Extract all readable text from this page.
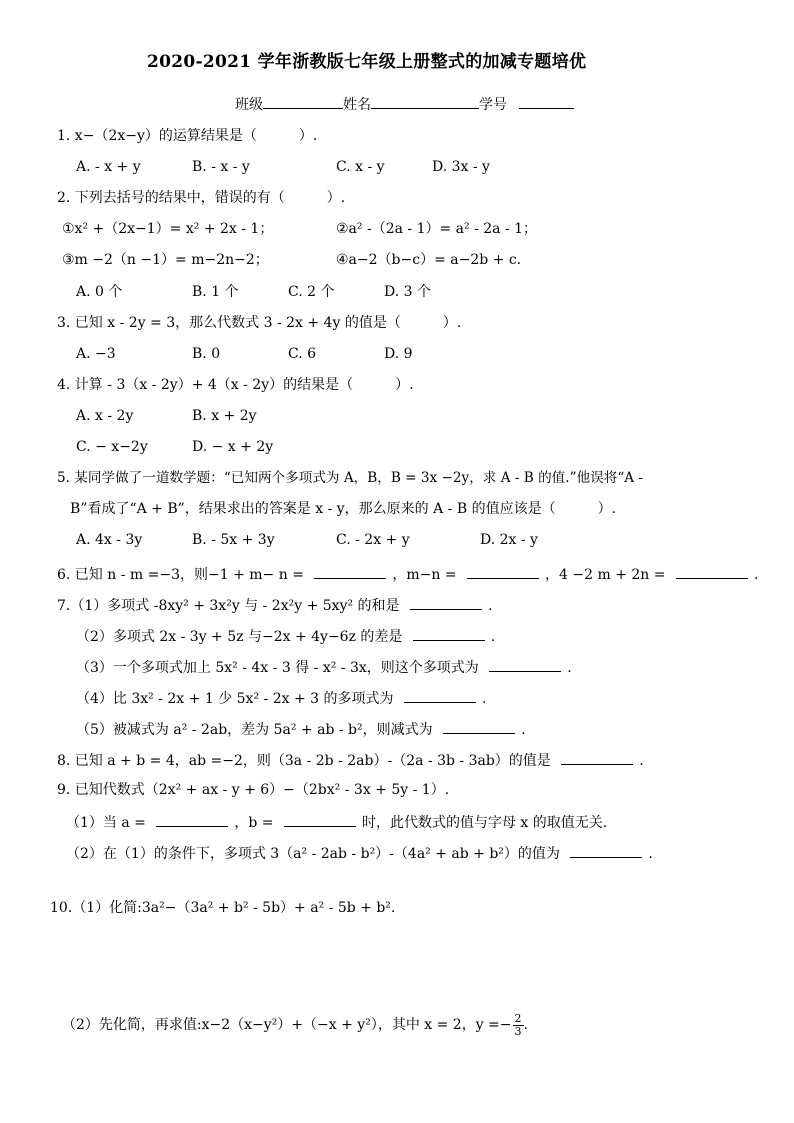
2020-2021 学年浙教版七年级上册整式的加减专题培优
班级	姓名	学号
1. x−（2x−y）的运算结果是（　　　）.
A. - x + y	B. - x - y	C. x - y	D. 3x - y
2. 下列去括号的结果中，错误的有（　　　）.
①x² +（2x−1）= x² + 2x - 1；	②a² -（2a - 1）= a² - 2a - 1；
③m −2（n −1）= m−2n−2；	④a−2（b−c）= a−2b + c.
A. 0 个	B. 1 个	C. 2 个	D. 3 个
3. 已知 x - 2y = 3，那么代数式 3 - 2x + 4y 的值是（　　　）.
A. −3	B. 0	C. 6	D. 9
4. 计算 - 3（x - 2y）+ 4（x - 2y）的结果是（　　　）.
A. x - 2y	B. x + 2y
C. − x−2y	D. − x + 2y
5. 某同学做了一道数学题：“已知两个多项式为 A，B，B = 3x −2y，求 A - B 的值.”他误将“A -
B”看成了“A + B”，结果求出的答案是 x - y，那么原来的 A - B 的值应该是（　　　）.
A. 4x - 3y	B. - 5x + 3y	C. - 2x + y	D. 2x - y
6. 已知 n - m =−3，则−1 + m− n =	，m−n =	，4 −2 m + 2n =	.
7.（1）多项式 -8xy² + 3x²y 与 - 2x²y + 5xy² 的和是	.
（2）多项式 2x - 3y + 5z 与−2x + 4y−6z 的差是	.
（3）一个多项式加上 5x² - 4x - 3 得 - x² - 3x，则这个多项式为	.
（4）比 3x² - 2x + 1 少 5x² - 2x + 3 的多项式为	.
（5）被减式为 a² - 2ab，差为 5a² + ab - b²，则减式为	.
8. 已知 a + b = 4，ab =−2，则（3a - 2b - 2ab）-（2a - 3b - 3ab）的值是	.
9. 已知代数式（2x² + ax - y + 6）−（2bx² - 3x + 5y - 1）.
（1）当 a =	，b =	时，此代数式的值与字母 x 的取值无关.
（2）在（1）的条件下，多项式 3（a² - 2ab - b²）-（4a² + ab + b²）的值为	.
10.（1）化简:3a²−（3a² + b² - 5b）+ a² - 5b + b².
（2）先化简，再求值:x−2（x−y²）+（−x + y²），其中 x = 2，$y =- \frac{2}{3}$ .
